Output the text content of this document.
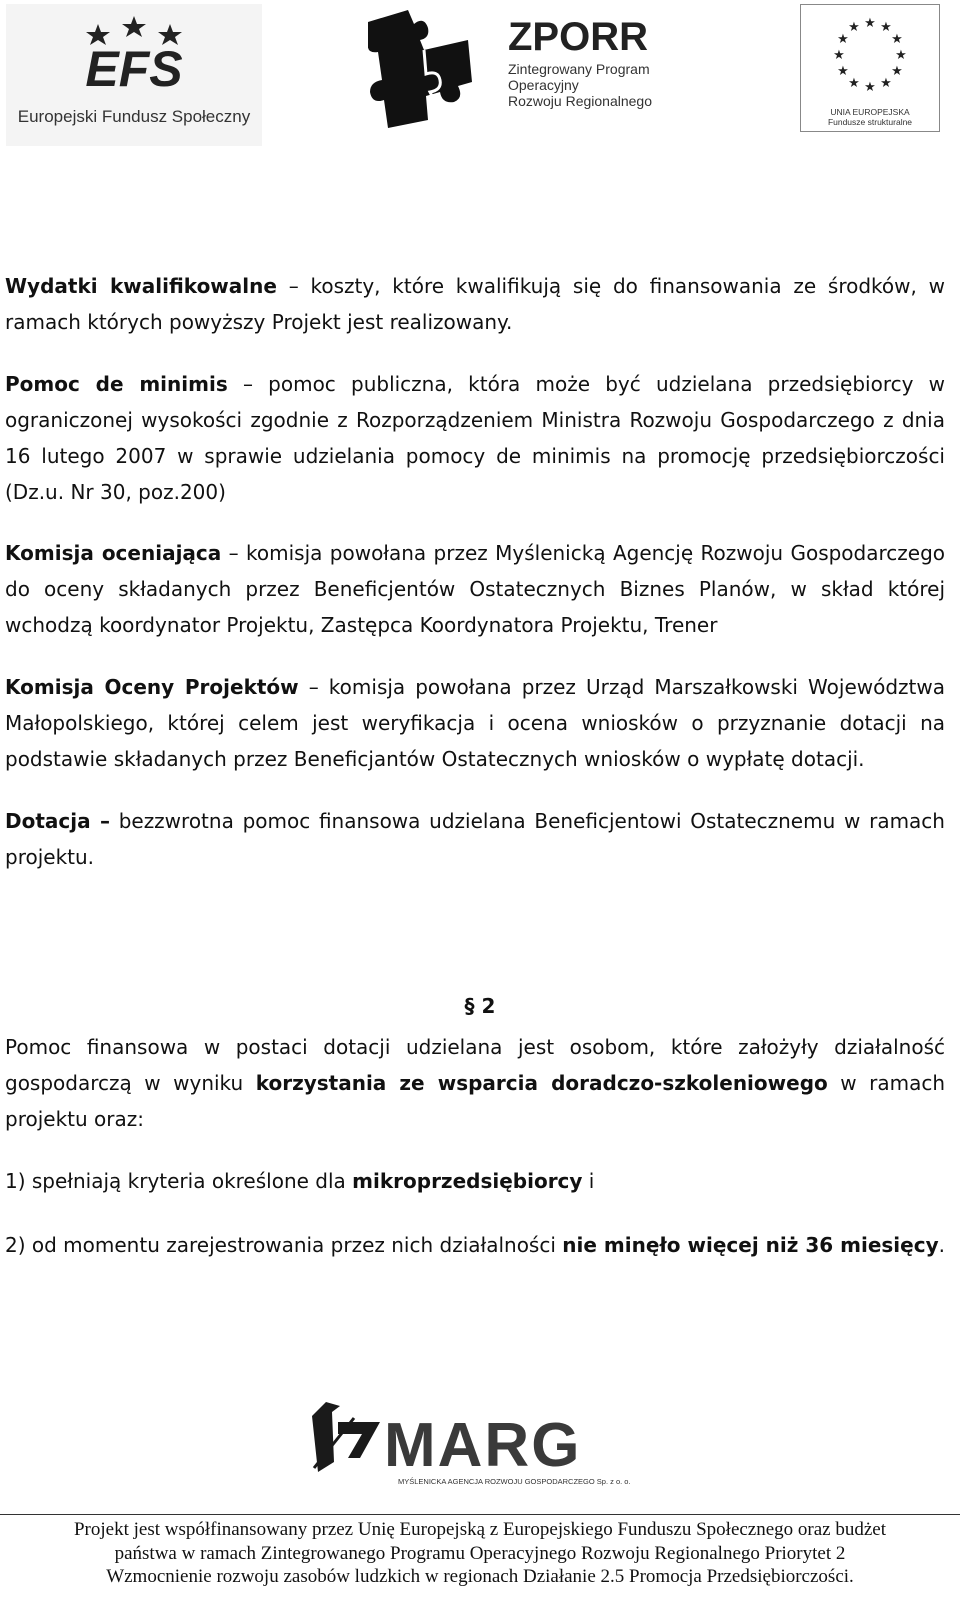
EFS
Europejski Fundusz Społeczny
ZPORR
Zintegrowany Program
Operacyjny
Rozwoju Regionalnego
★ ★
★
★
★
★
★
★
★
★
★
★
UNIA EUROPEJSKA
Fundusze strukturalne

Wydatki kwalifikowalne – koszty, które kwalifikują się do finansowania ze środków, w ramach których powyższy Projekt jest realizowany.

Pomoc de minimis – pomoc publiczna, która może być udzielana przedsiębiorcy w ograniczonej wysokości zgodnie z Rozporządzeniem Ministra Rozwoju Gospodarczego z dnia 16 lutego 2007 w sprawie udzielania pomocy de minimis na promocję przedsiębiorczości (Dz.u. Nr 30, poz.200)

Komisja oceniająca – komisja powołana przez Myślenicką Agencję Rozwoju Gospodarczego do oceny składanych przez Beneficjentów Ostatecznych Biznes Planów, w skład której wchodzą koordynator Projektu, Zastępca Koordynatora Projektu, Trener

Komisja Oceny Projektów – komisja powołana przez Urząd Marszałkowski Województwa Małopolskiego, której celem jest weryfikacja i ocena wniosków o przyznanie dotacji na podstawie składanych przez Beneficjantów Ostatecznych wniosków o wypłatę dotacji.

Dotacja – bezzwrotna pomoc finansowa udzielana Beneficjentowi Ostatecznemu w ramach projektu.

§ 2

Pomoc finansowa w postaci dotacji udzielana jest osobom, które założyły działalność gospodarczą w wyniku korzystania ze wsparcia doradczo-szkoleniowego w ramach projektu oraz:

1) spełniają kryteria określone dla mikroprzedsiębiorcy i

2) od momentu zarejestrowania przez nich działalności nie minęło więcej niż 36 miesięcy.

MARG
MYŚLENICKA AGENCJA ROZWOJU GOSPODARCZEGO Sp. z o. o.
Projekt jest współfinansowany przez Unię Europejską z Europejskiego Funduszu Społecznego oraz budżet
państwa w ramach Zintegrowanego Programu Operacyjnego Rozwoju Regionalnego Priorytet 2
Wzmocnienie rozwoju zasobów ludzkich w regionach Działanie 2.5 Promocja Przedsiębiorczości.
